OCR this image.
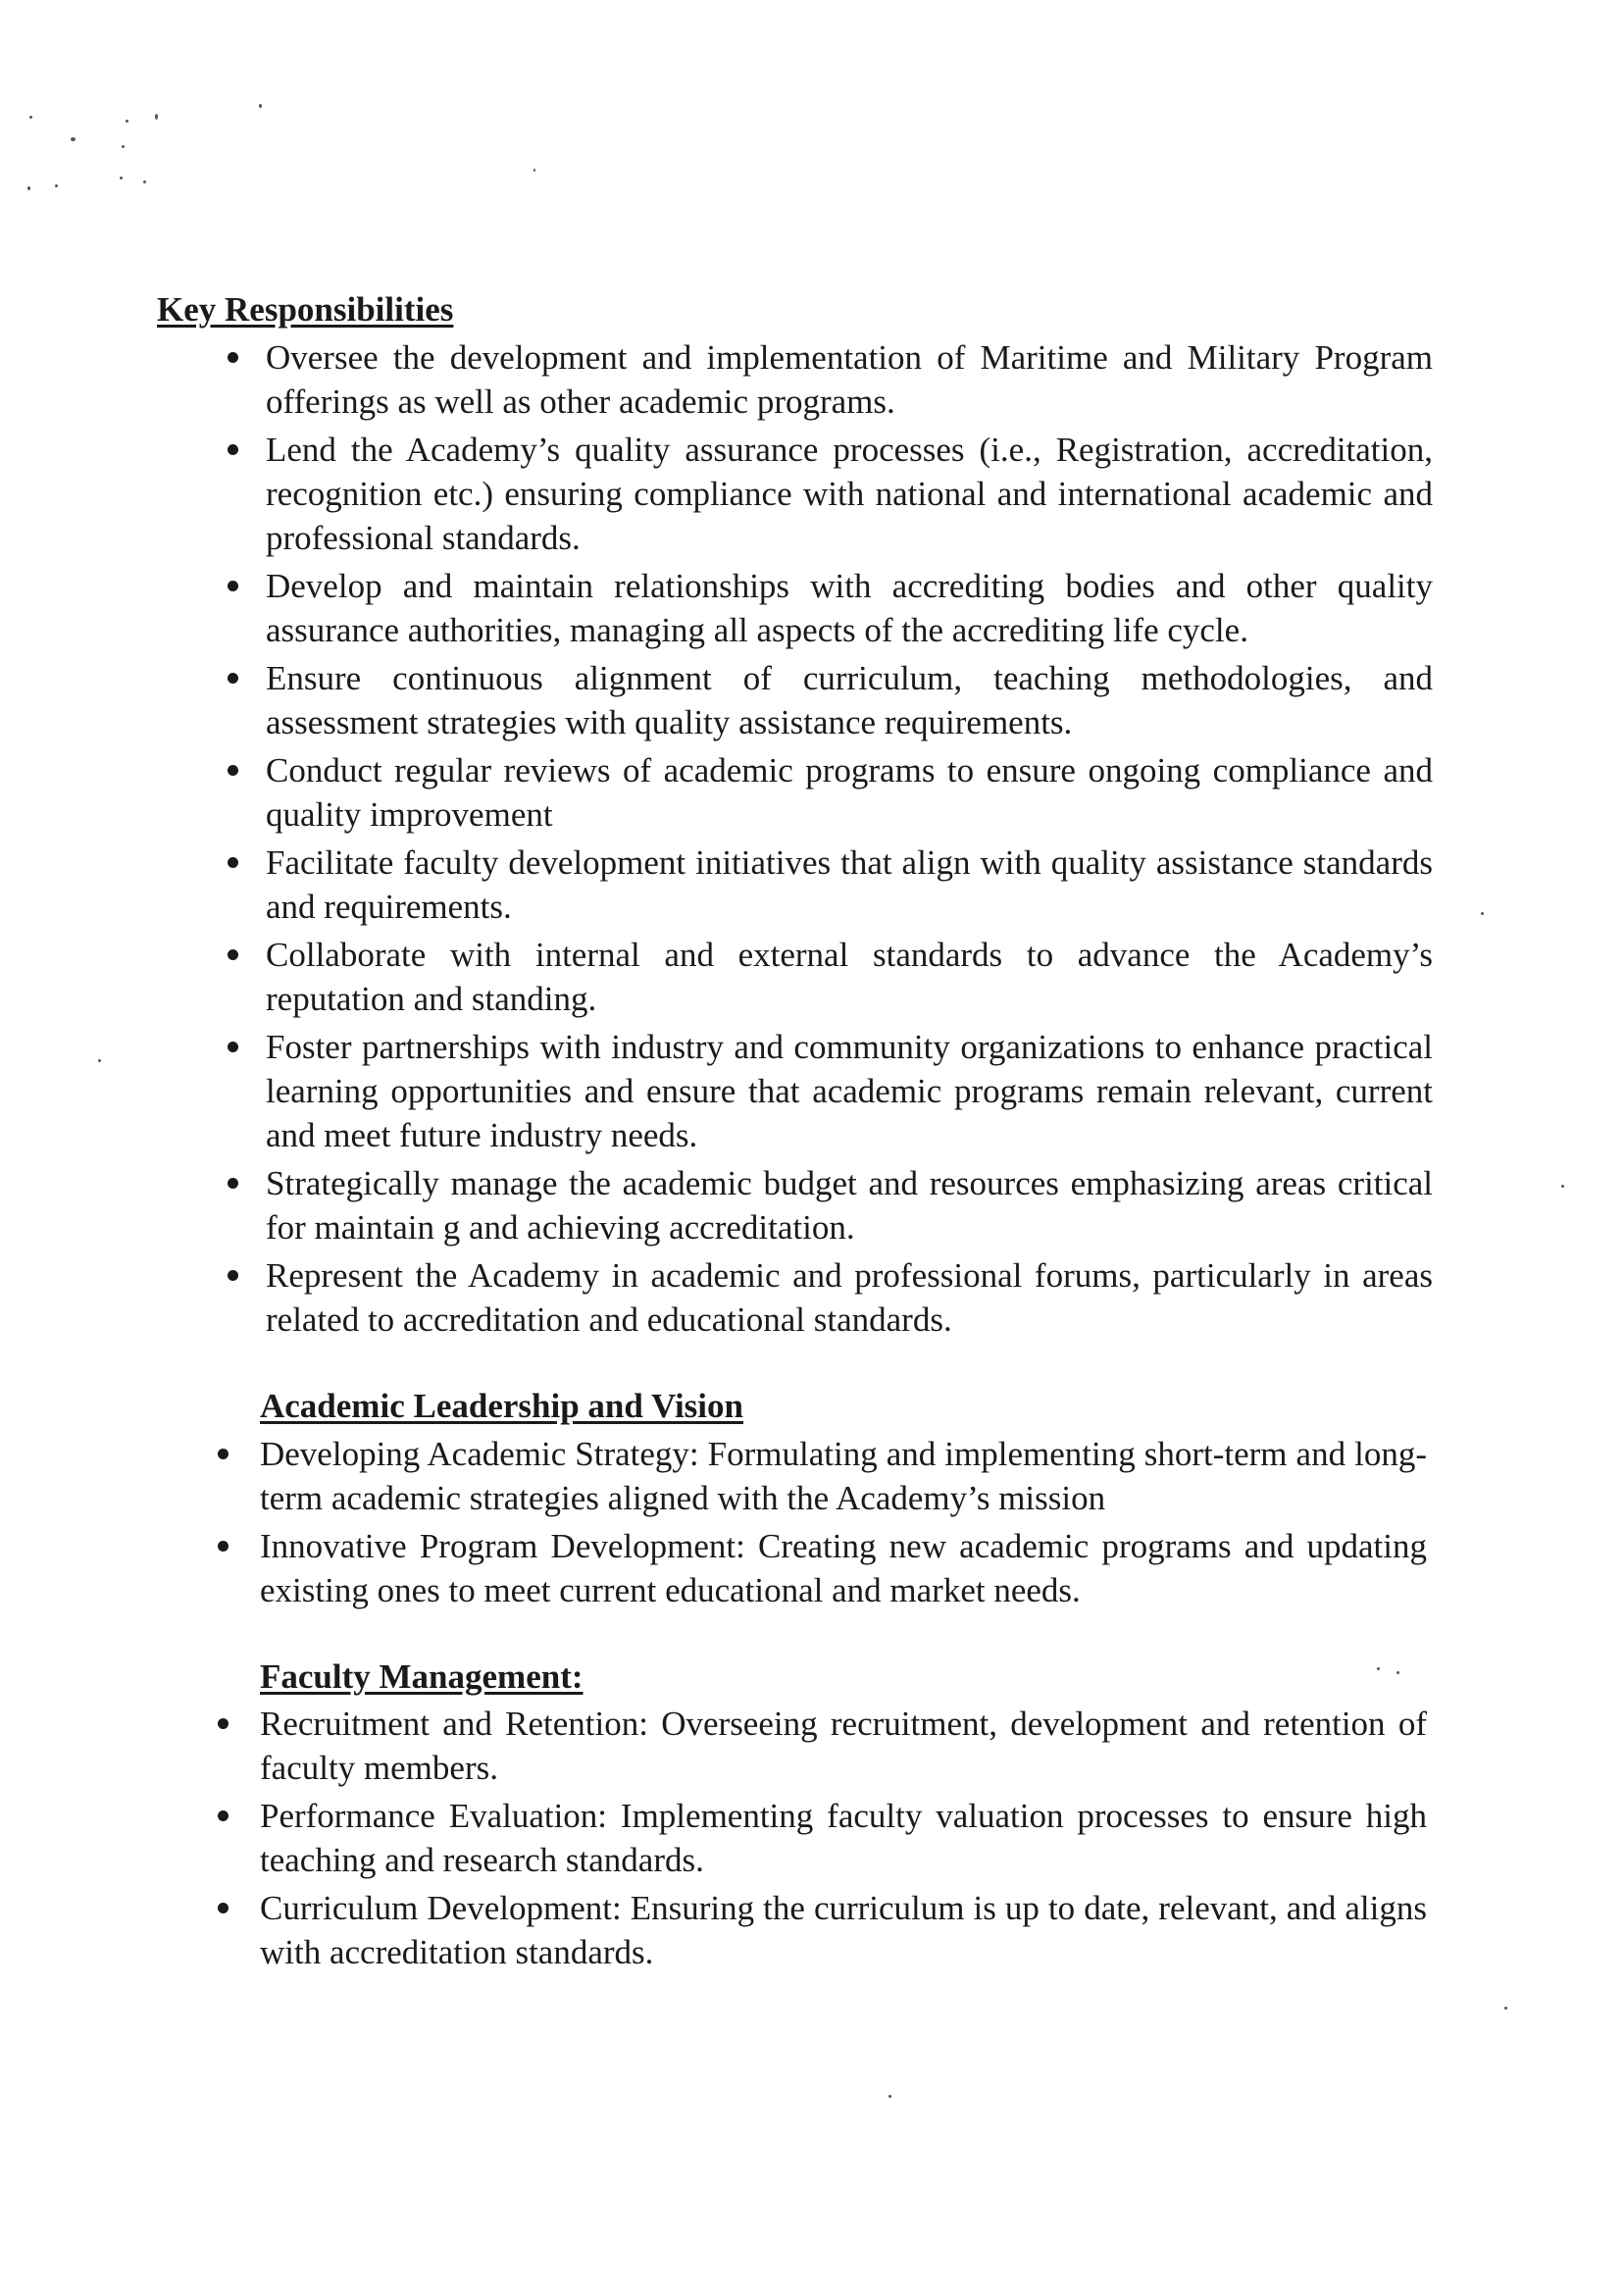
Key Responsibilities
Oversee the development and implementation of Maritime and Military Program offerings as well as other academic programs.
Lend the Academy’s quality assurance processes (i.e., Registration, accreditation, recognition etc.) ensuring compliance with national and international academic and professional standards.
Develop and maintain relationships with accrediting bodies and other quality assurance authorities, managing all aspects of the accrediting life cycle.
Ensure continuous alignment of curriculum, teaching methodologies, and assessment strategies with quality assistance requirements.
Conduct regular reviews of academic programs to ensure ongoing compliance and quality improvement
Facilitate faculty development initiatives that align with quality assistance standards and requirements.
Collaborate with internal and external standards to advance the Academy’s reputation and standing.
Foster partnerships with industry and community organizations to enhance practical learning opportunities and ensure that academic programs remain relevant, current and meet future industry needs.
Strategically manage the academic budget and resources emphasizing areas critical for maintain g and achieving accreditation.
Represent the Academy in academic and professional forums, particularly in areas related to accreditation and educational standards.
Academic Leadership and Vision
Developing Academic Strategy: Formulating and implementing short-term and long-term academic strategies aligned with the Academy’s mission
Innovative Program Development: Creating new academic programs and updating existing ones to meet current educational and market needs.
Faculty Management:
Recruitment and Retention: Overseeing recruitment, development and retention of faculty members.
Performance Evaluation: Implementing faculty valuation processes to ensure high teaching and research standards.
Curriculum Development: Ensuring the curriculum is up to date, relevant, and aligns with accreditation standards.
